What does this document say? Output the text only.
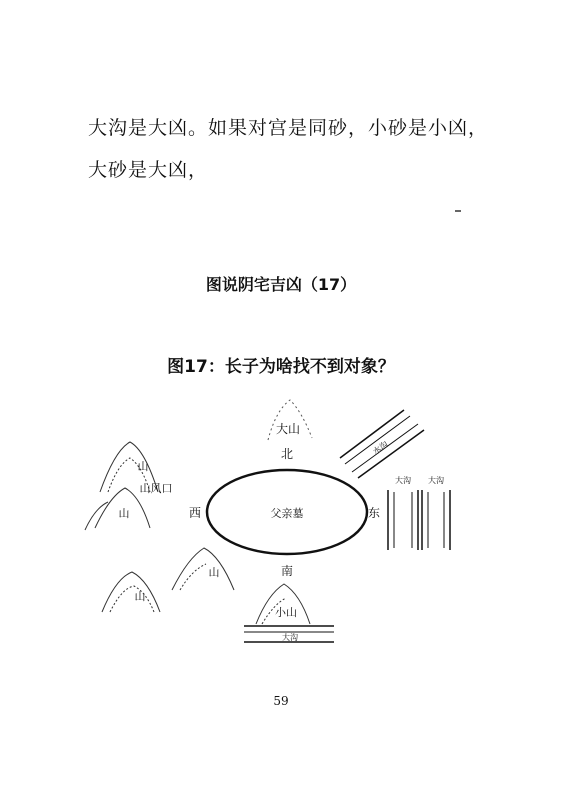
大沟是大凶。如果对宫是同砂，小砂是小凶，
大砂是大凶，
图说阴宅吉凶（17）
图17：长子为啥找不到对象？
父亲墓
北
南
东
西
大山
水沟
大沟 大沟
山
山风口
山
山
山
小山
大沟
59
